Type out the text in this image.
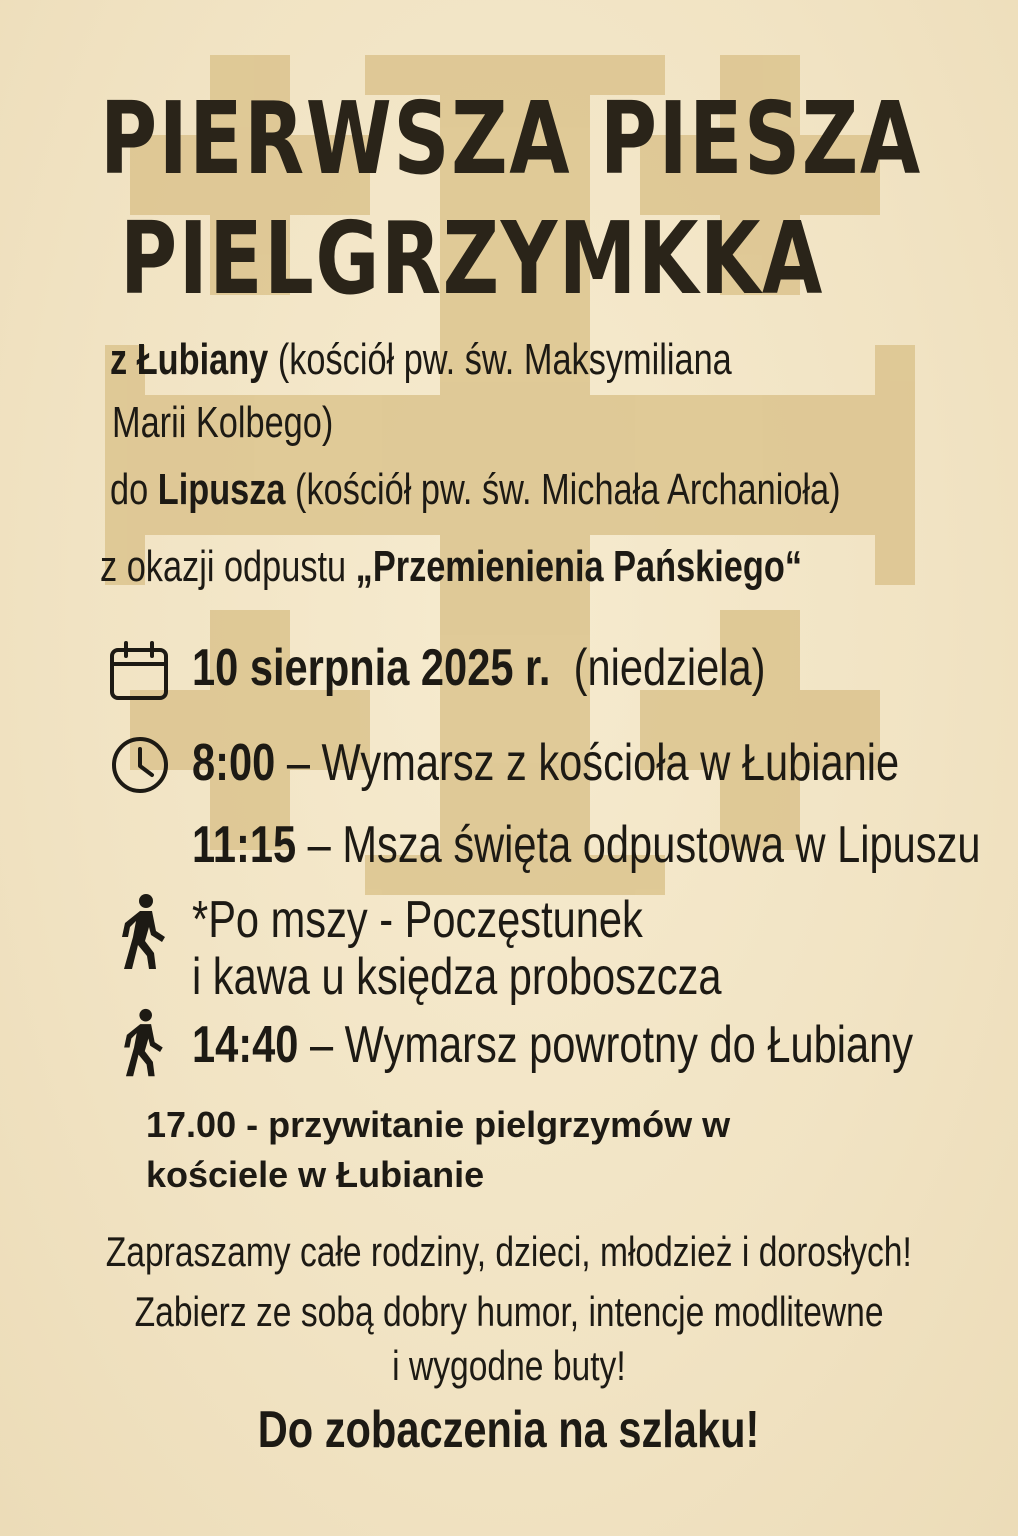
PIERWSZA PIESZA
PIELGRZYMKKA
z Łubiany (kościół pw. św. Maksymiliana
Marii Kolbego)
do Lipusza (kościół pw. św. Michała Archanioła)
z okazji odpustu „Przemienienia Pańskiego“
10 sierpnia 2025 r. (niedziela)
8:00 – Wymarsz z kościoła w Łubianie
11:15 – Msza święta odpustowa w Lipuszu
*Po mszy - Poczęstunek
i kawa u księdza proboszcza
14:40 – Wymarsz powrotny do Łubiany
17.00 - przywitanie pielgrzymów w
kościele w Łubianie
Zapraszamy całe rodziny, dzieci, młodzież i dorosłych!
Zabierz ze sobą dobry humor, intencje modlitewne
i wygodne buty!
Do zobaczenia na szlaku!
